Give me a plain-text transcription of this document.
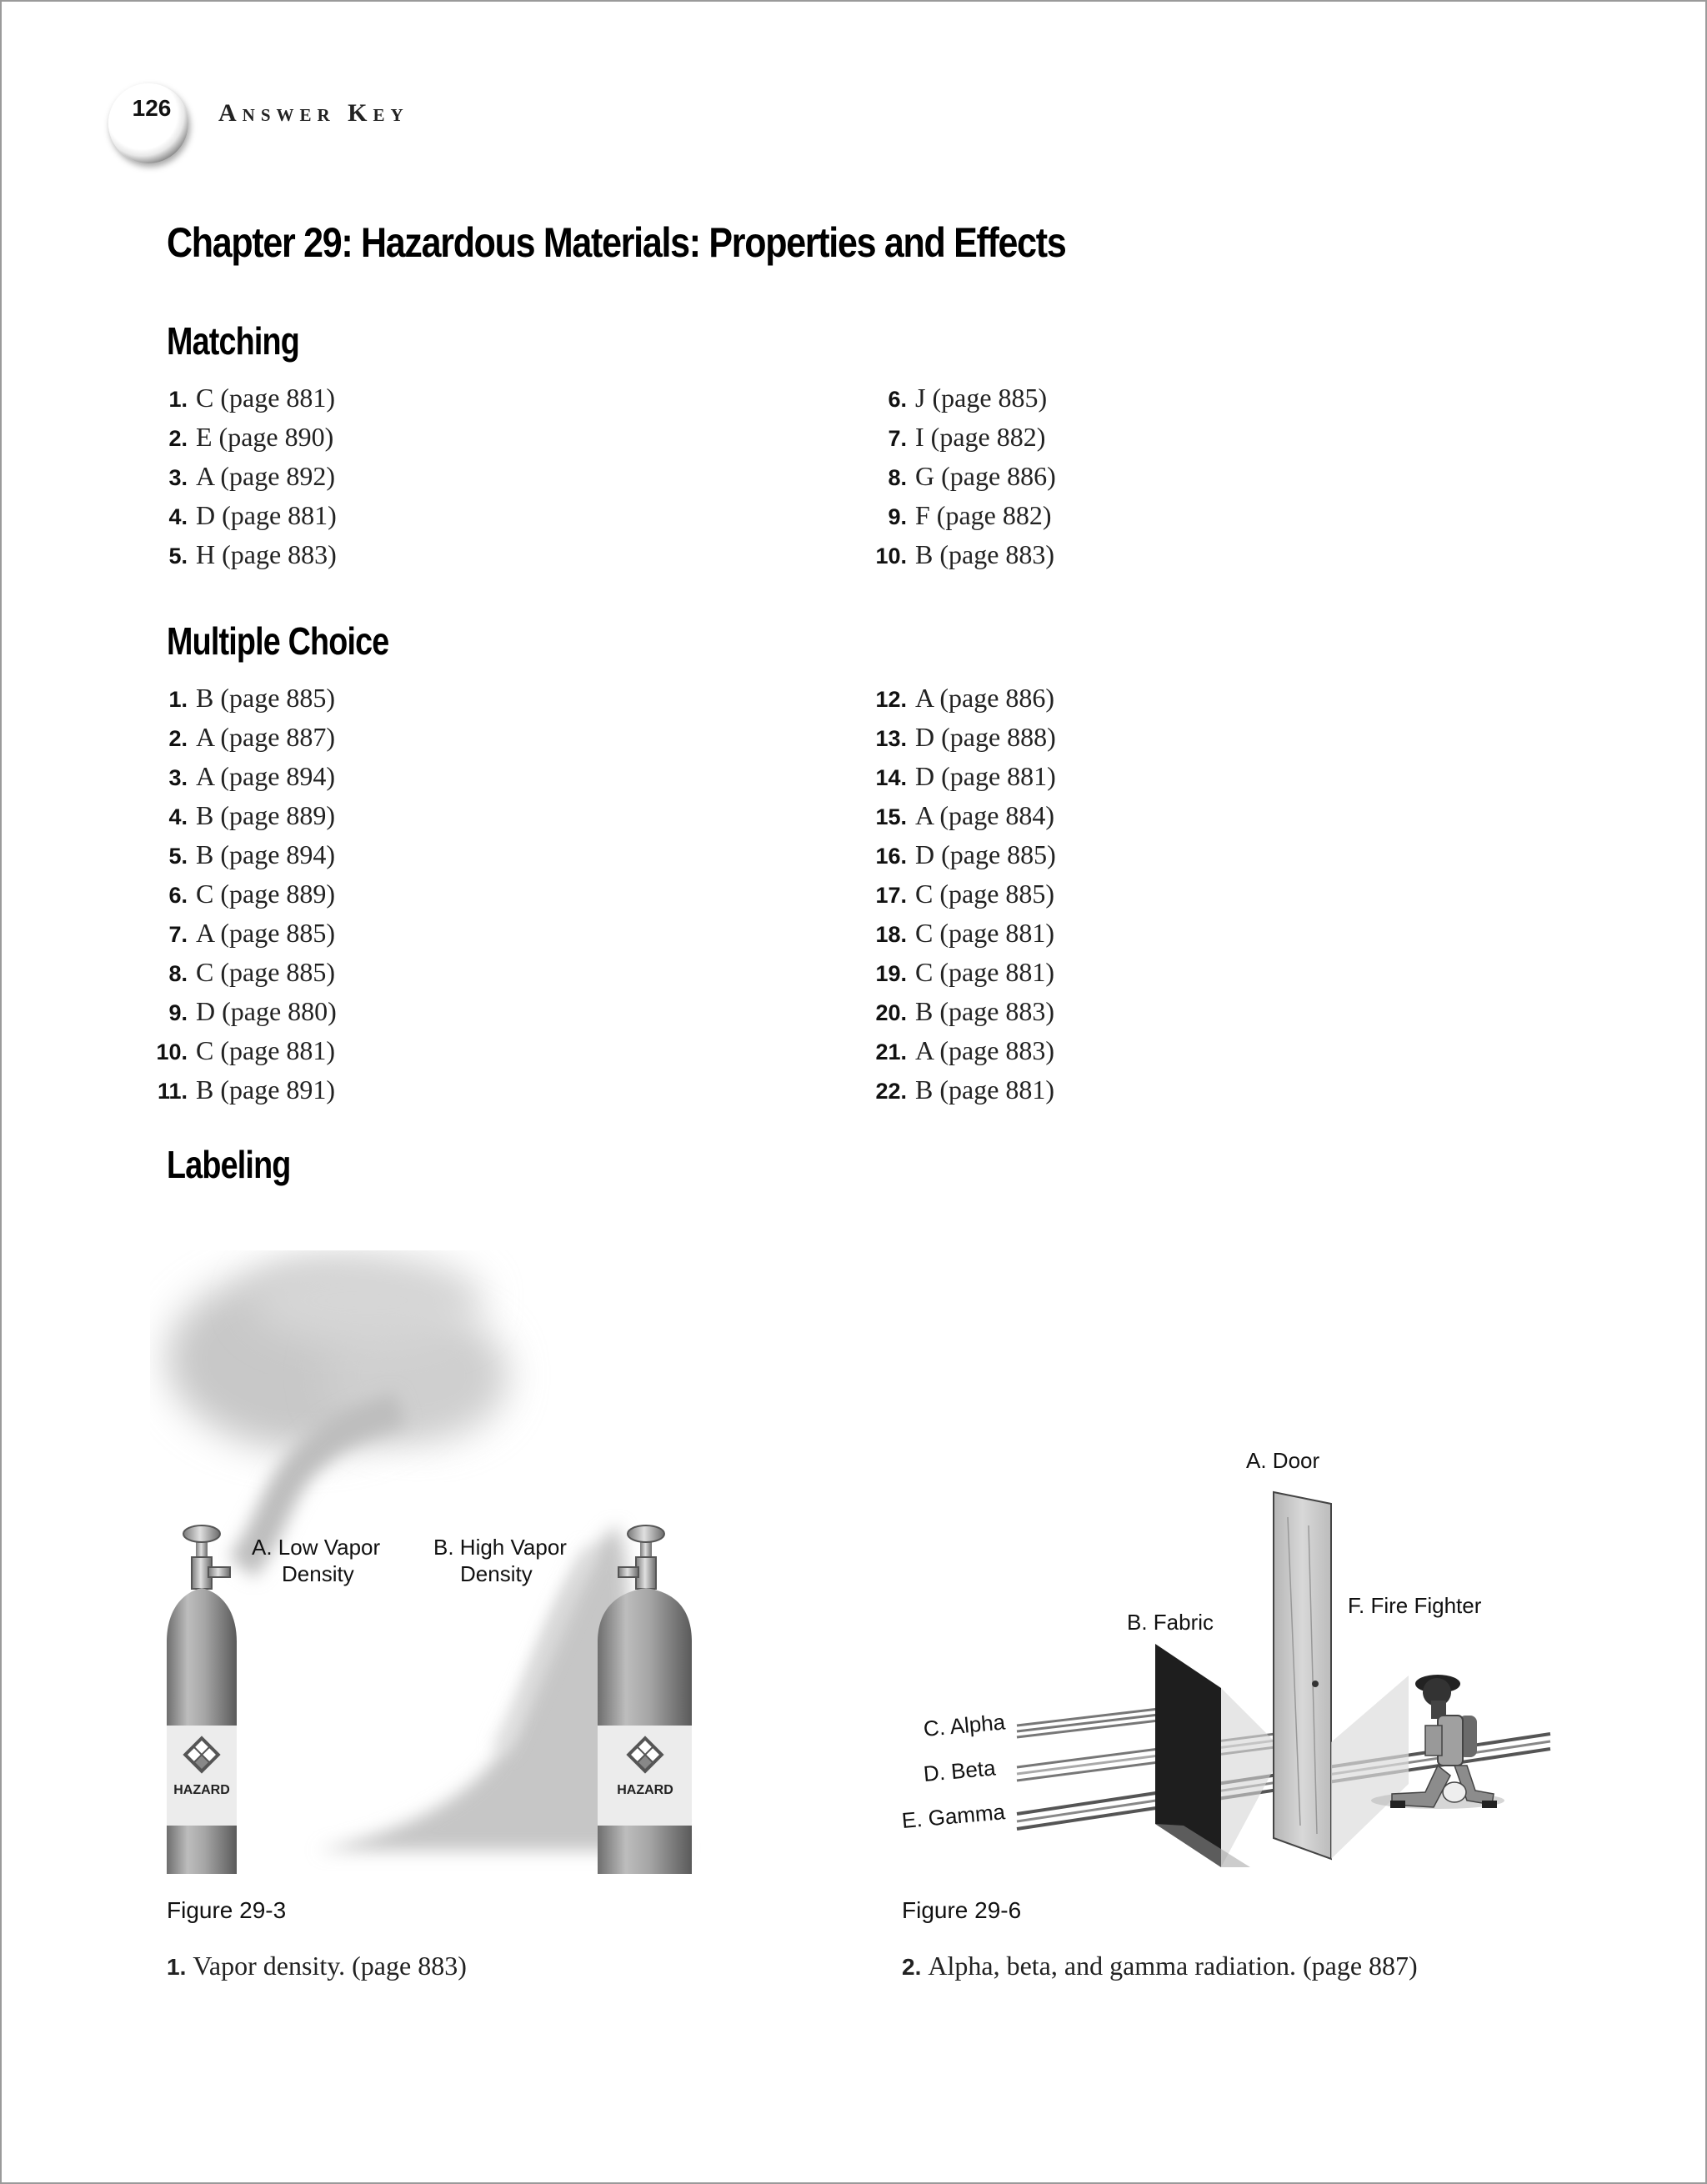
126 Answer Key
Chapter 29: Hazardous Materials: Properties and Effects
Matching
1. C (page 881)
2. E (page 890)
3. A (page 892)
4. D (page 881)
5. H (page 883)
6. J (page 885)
7. I (page 882)
8. G (page 886)
9. F (page 882)
10. B (page 883)
Multiple Choice
1. B (page 885)
2. A (page 887)
3. A (page 894)
4. B (page 889)
5. B (page 894)
6. C (page 889)
7. A (page 885)
8. C (page 885)
9. D (page 880)
10. C (page 881)
11. B (page 891)
12. A (page 886)
13. D (page 888)
14. D (page 881)
15. A (page 884)
16. D (page 885)
17. C (page 885)
18. C (page 881)
19. C (page 881)
20. B (page 883)
21. A (page 883)
22. B (page 881)
Labeling
HAZARD	HAZARD
A. Low Vapor
Density
B. High Vapor
Density
Figure 29-3
1. Vapor density. (page 883)
A. Door
B. Fabric
F. Fire Fighter
C. Alpha
D. Beta
E. Gamma
Figure 29-6
2. Alpha, beta, and gamma radiation. (page 887)
